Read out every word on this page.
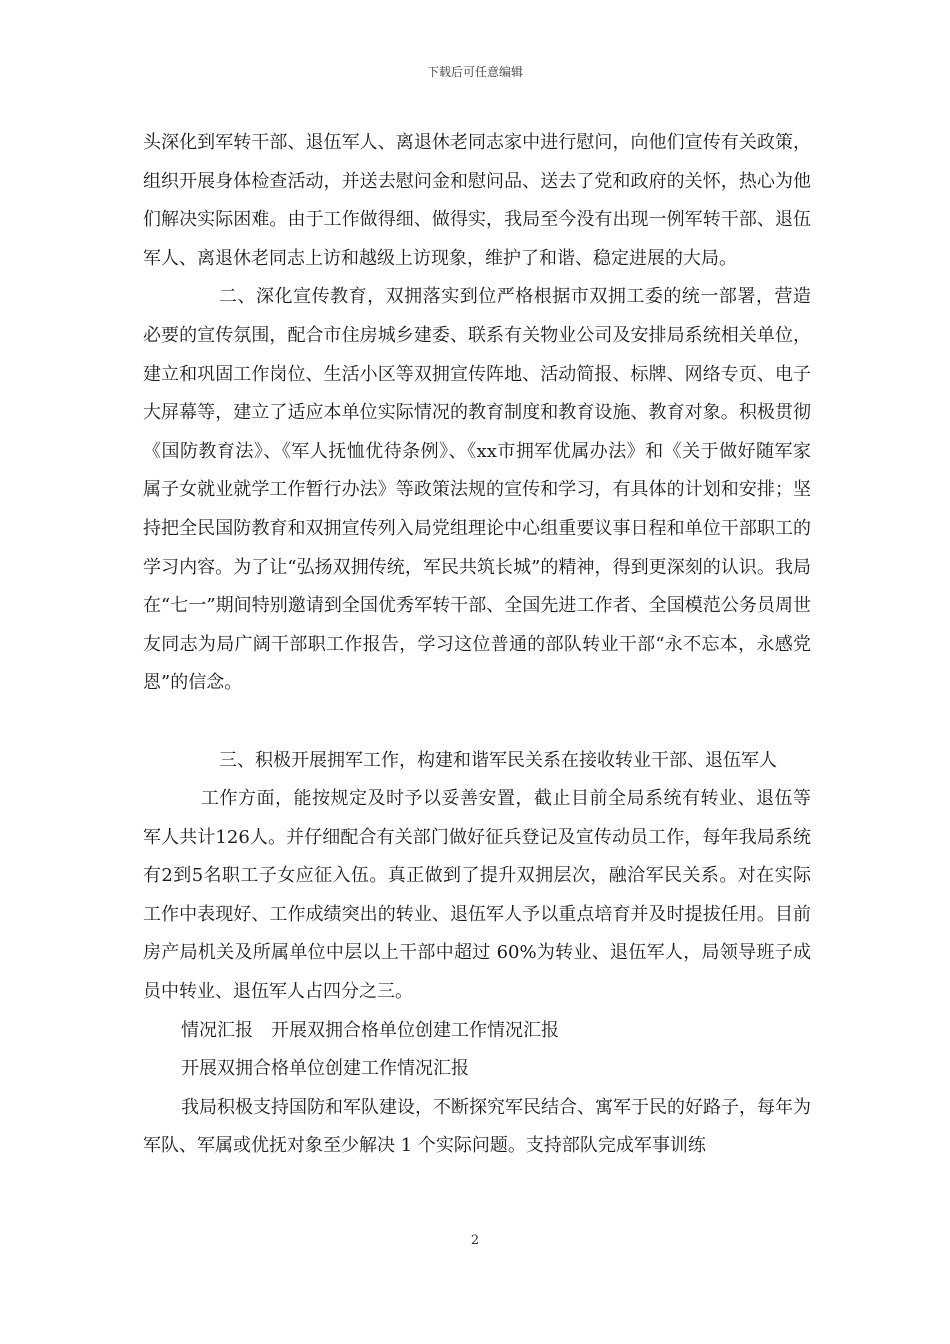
下载后可任意编辑

头深化到军转干部、退伍军人、离退休老同志家中进行慰问，向他们宣传有关政策，组织开展身体检查活动，并送去慰问金和慰问品、送去了党和政府的关怀，热心为他们解决实际困难。由于工作做得细、做得实，我局至今没有出现一例军转干部、退伍军人、离退休老同志上访和越级上访现象，维护了和谐、稳定进展的大局。

二、深化宣传教育，双拥落实到位严格根据市双拥工委的统一部署，营造必要的宣传氛围，配合市住房城乡建委、联系有关物业公司及安排局系统相关单位，建立和巩固工作岗位、生活小区等双拥宣传阵地、活动简报、标牌、网络专页、电子大屏幕等，建立了适应本单位实际情况的教育制度和教育设施、教育对象。积极贯彻《国防教育法》、《军人抚恤优待条例》、《xx市拥军优属办法》和《关于做好随军家属子女就业就学工作暂行办法》等政策法规的宣传和学习，有具体的计划和安排；坚持把全民国防教育和双拥宣传列入局党组理论中心组重要议事日程和单位干部职工的学习内容。为了让“弘扬双拥传统，军民共筑长城”的精神，得到更深刻的认识。我局在“七一”期间特别邀请到全国优秀军转干部、全国先进工作者、全国模范公务员周世友同志为局广阔干部职工作报告，学习这位普通的部队转业干部“永不忘本，永感党恩”的信念。

三、积极开展拥军工作，构建和谐军民关系在接收转业干部、退伍军人

工作方面，能按规定及时予以妥善安置，截止目前全局系统有转业、退伍等军人共计126人。并仔细配合有关部门做好征兵登记及宣传动员工作，每年我局系统有2到5名职工子女应征入伍。真正做到了提升双拥层次，融洽军民关系。对在实际工作中表现好、工作成绩突出的转业、退伍军人予以重点培育并及时提拔任用。目前房产局机关及所属单位中层以上干部中超过 60%为转业、退伍军人，局领导班子成员中转业、退伍军人占四分之三。

情况汇报　开展双拥合格单位创建工作情况汇报

开展双拥合格单位创建工作情况汇报

我局积极支持国防和军队建设，不断探究军民结合、寓军于民的好路子，每年为军队、军属或优抚对象至少解决 1 个实际问题。支持部队完成军事训练

2
